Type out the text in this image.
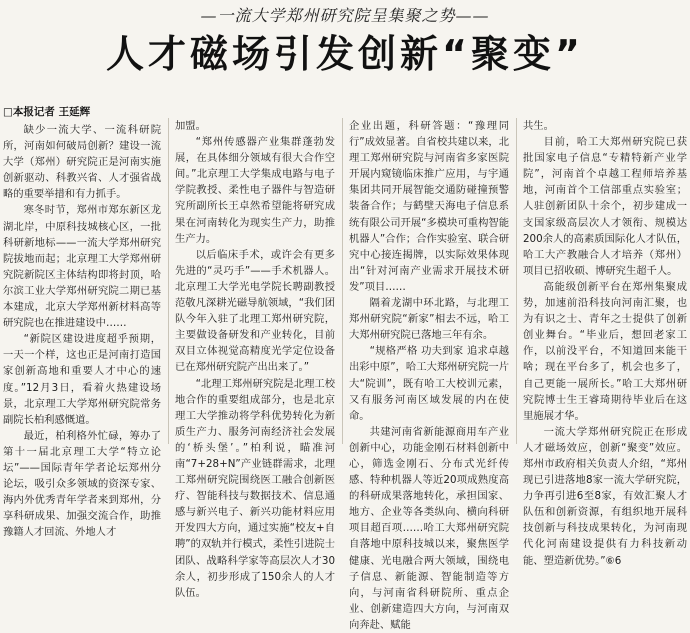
—一流大学郑州研究院呈集聚之势——
人才磁场引发创新“聚变”
□本报记者 王延辉

缺少一流大学、一流科研院所，河南如何破局创新？建设一流大学（郑州）研究院正是河南实施创新驱动、科教兴省、人才强省战略的重要举措和有力抓手。

寒冬时节，郑州市郑东新区龙湖北岸，中原科技城核心区，一批科研新地标——一流大学郑州研究院拔地而起；北京理工大学郑州研究院新院区主体结构即将封顶，哈尔滨工业大学郑州研究院二期已基本建成，北京大学郑州新材料高等研究院也在推进建设中……

“新院区建设进度超乎预期，一天一个样，这也正是河南打造国家创新高地和重要人才中心的速度。”12月3日，看着火热建设场景，北京理工大学郑州研究院常务副院长柏利感慨道。

最近，柏利格外忙碌，筹办了第十一届北京理工大学“特立论坛”——国际青年学者论坛郑州分论坛，吸引众多领域的资深专家、海内外优秀青年学者来到郑州，分享科研成果、加强交流合作，助推豫籍人才回流、外地人才

加盟。

“郑州传感器产业集群蓬勃发展，在具体细分领域有很大合作空间。”北京理工大学集成电路与电子学院教授、柔性电子器件与智造研究所副所长王卓然希望能将研究成果在河南转化为现实生产力，助推生产力。

以后临床手术，或许会有更多先进的“灵巧手”——手术机器人。北京理工大学光电学院长聘副教授范敬凡深耕光磁导航领域，“我们团队今年入驻了北理工郑州研究院，主要做设备研发和产业转化，目前双目立体视觉高精度光学定位设备已在郑州研究院产出出来了。”

“北理工郑州研究院是北理工校地合作的重要组成部分，也是北京理工大学推动将学科优势转化为新质生产力、服务河南经济社会发展的‘桥头堡’。”柏利说，瞄准河南“7+28+N”产业链群需求，北理工郑州研究院围绕医工融合创新医疗、智能科技与数据技术、信息通感与新兴电子、新兴功能材料应用开发四大方向，通过实施“校友+自聘”的双轨并行模式，柔性引进院士团队、战略科学家等高层次人才30余人，初步形成了150余人的人才队伍。

企业出题，科研答题：“豫理同行”成效显著。自省校共建以来，北理工郑州研究院与河南省多家医院开展内窥镜临床推广应用，与宇通集团共同开展智能交通防碰撞预警装备合作；与鹤壁天海电子信息系统有限公司开展“多模块可重构智能机器人”合作；合作实验室、联合研究中心接连揭牌，以实际效果体现出“针对河南产业需求开展技术研发”项目……

隔着龙湖中环北路，与北理工郑州研究院“新家”相去不远，哈工大郑州研究院已落地三年有余。

“规格严格 功夫到家 追求卓越 出彩中原”，哈工大郑州研究院一片大“院训”，既有哈工大校训元素，又有服务河南区域发展的内在使命。

共建河南省新能源商用车产业创新中心，功能金刚石材料创新中心，筛选金刚石、分布式光纤传感、特种机器人等近20项成熟度高的科研成果落地转化，承担国家、地方、企业等各类纵向、横向科研项目超百项……哈工大郑州研究院自落地中原科技城以来，聚焦医学健康、光电融合两大领域，围绕电子信息、新能源、智能制造等方向，与河南省科研院所、重点企业、创新建造四大方向，与河南双向奔赴、赋能

共生。

目前，哈工大郑州研究院已获批国家电子信息“专精特新产业学院”，河南首个卓越工程师培养基地，河南首个工信部重点实验室；人驻创新团队十余个，初步建成一支国家级高层次人才领衔、规模达200余人的高素质国际化人才队伍，哈工大产教融合人才培养（郑州）项目已招收硕、博研究生超千人。

高能级创新平台在郑州集聚成势，加速前沿科技向河南汇聚，也为有识之士、青年之士提供了创新创业舞台。“毕业后，想回老家工作，以前没平台，不知道回来能干啥；现在平台多了，机会也多了，自己更能一展所长。”哈工大郑州研究院博士生王睿琦期待毕业后在这里施展才华。

一流大学郑州研究院正在形成人才磁场效应，创新“聚变”效应。郑州市政府相关负责人介绍，“郑州现已引进落地8家一流大学研究院，力争再引进6至8家，有效汇聚人才队伍和创新资源，有组织地开展科技创新与科技成果转化，为河南现代化河南建设提供有力科技新动能、塑造新优势。”⑥6
